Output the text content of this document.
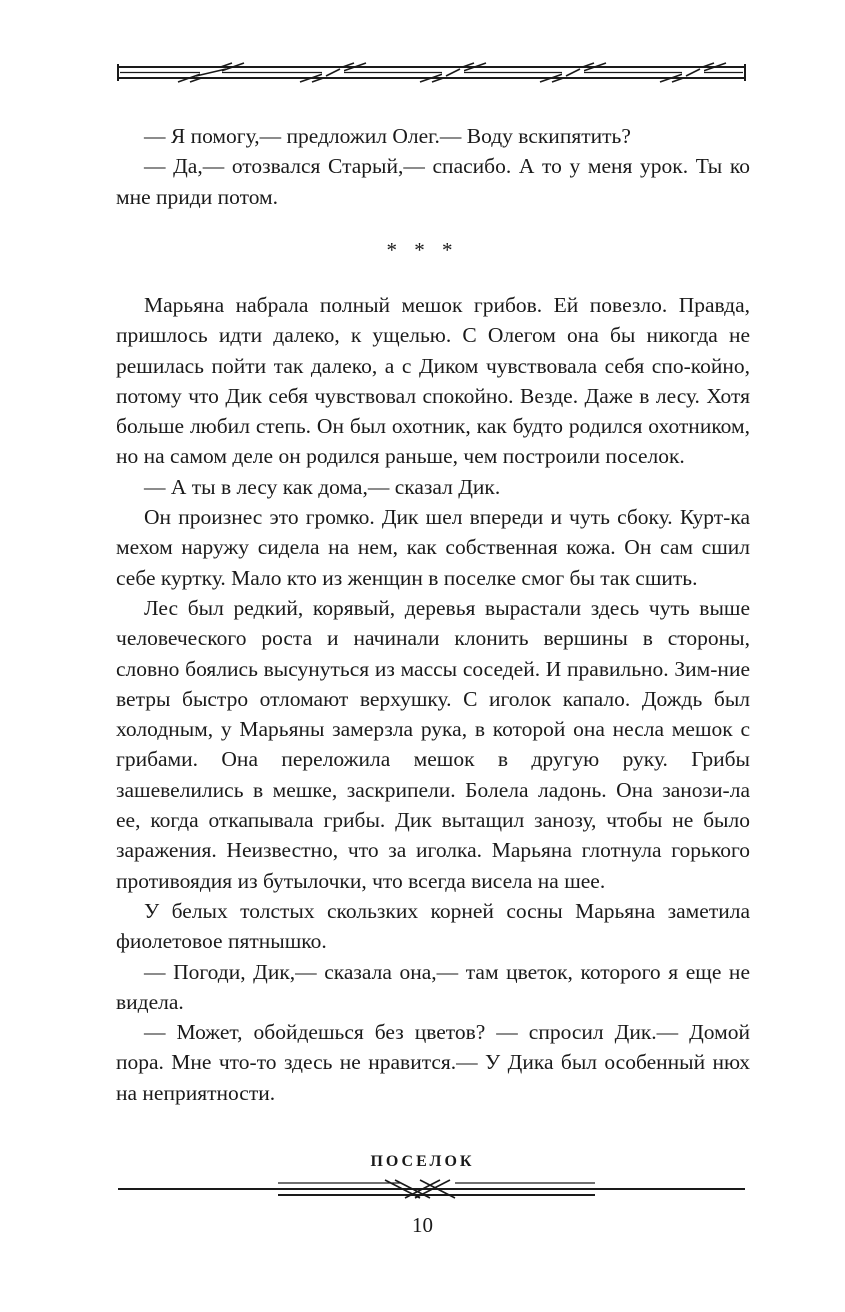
— Я помогу,— предложил Олег.— Воду вскипятить?

— Да,— отозвался Старый,— спасибо. А то у меня урок. Ты ко мне приди потом.

* * *

Марьяна набрала полный мешок грибов. Ей повезло. Правда, пришлось идти далеко, к ущелью. С Олегом она бы никогда не решилась пойти так далеко, а с Диком чувствовала себя спо-койно, потому что Дик себя чувствовал спокойно. Везде. Даже в лесу. Хотя больше любил степь. Он был охотник, как будто родился охотником, но на самом деле он родился раньше, чем построили поселок.

— А ты в лесу как дома,— сказал Дик.

Он произнес это громко. Дик шел впереди и чуть сбоку. Курт-ка мехом наружу сидела на нем, как собственная кожа. Он сам сшил себе куртку. Мало кто из женщин в поселке смог бы так сшить.

Лес был редкий, корявый, деревья вырастали здесь чуть выше человеческого роста и начинали клонить вершины в стороны, словно боялись высунуться из массы соседей. И правильно. Зим-ние ветры быстро отломают верхушку. С иголок капало. Дождь был холодным, у Марьяны замерзла рука, в которой она несла мешок с грибами. Она переложила мешок в другую руку. Грибы зашевелились в мешке, заскрипели. Болела ладонь. Она занози-ла ее, когда откапывала грибы. Дик вытащил занозу, чтобы не было заражения. Неизвестно, что за иголка. Марьяна глотнула горького противоядия из бутылочки, что всегда висела на шее.

У белых толстых скользких корней сосны Марьяна заметила фиолетовое пятнышко.

— Погоди, Дик,— сказала она,— там цветок, которого я еще не видела.

— Может, обойдешься без цветов? — спросил Дик.— Домой пора. Мне что-то здесь не нравится.— У Дика был особенный нюх на неприятности.

ПОСЕЛОК
10
